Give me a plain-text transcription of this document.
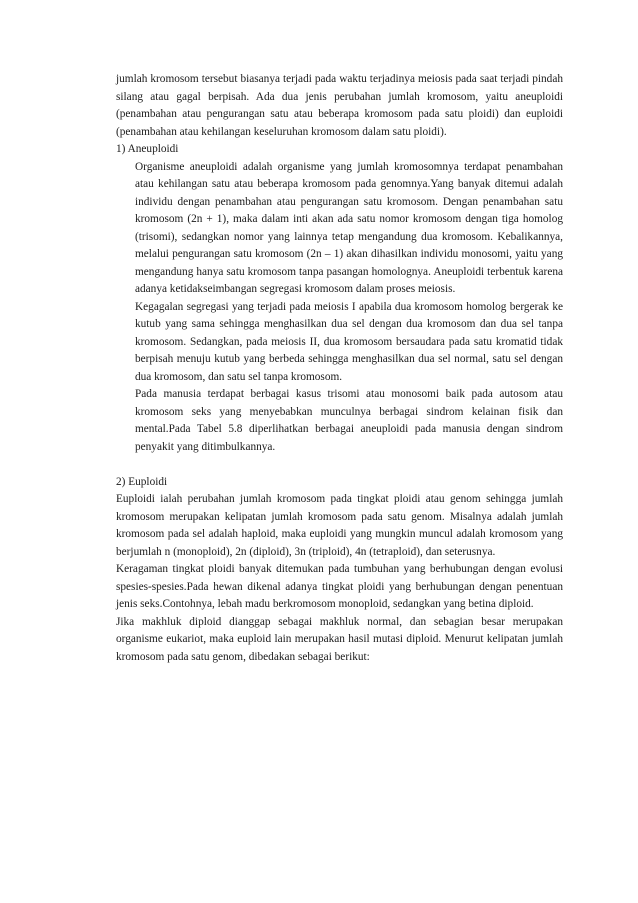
jumlah kromosom tersebut biasanya terjadi pada waktu terjadinya meiosis pada saat terjadi pindah silang atau gagal berpisah. Ada dua jenis perubahan jumlah kromosom, yaitu aneuploidi (penambahan atau pengurangan satu atau beberapa kromosom pada satu ploidi) dan euploidi (penambahan atau kehilangan keseluruhan kromosom dalam satu ploidi).

1) Aneuploidi

Organisme aneuploidi adalah organisme yang jumlah kromosomnya terdapat penambahan atau kehilangan satu atau beberapa kromosom pada genomnya.Yang banyak ditemui adalah individu dengan penambahan atau pengurangan satu kromosom. Dengan penambahan satu kromosom (2n + 1), maka dalam inti akan ada satu nomor kromosom dengan tiga homolog (trisomi), sedangkan nomor yang lainnya tetap mengandung dua kromosom. Kebalikannya, melalui pengurangan satu kromosom (2n – 1) akan dihasilkan individu monosomi, yaitu yang mengandung hanya satu kromosom tanpa pasangan homolognya. Aneuploidi terbentuk karena adanya ketidakseimbangan segregasi kromosom dalam proses meiosis.

Kegagalan segregasi yang terjadi pada meiosis I apabila dua kromosom homolog bergerak ke kutub yang sama sehingga menghasilkan dua sel dengan dua kromosom dan dua sel tanpa kromosom. Sedangkan, pada meiosis II, dua kromosom bersaudara pada satu kromatid tidak berpisah menuju kutub yang berbeda sehingga menghasilkan dua sel normal, satu sel dengan dua kromosom, dan satu sel tanpa kromosom.

Pada manusia terdapat berbagai kasus trisomi atau monosomi baik pada autosom atau kromosom seks yang menyebabkan munculnya berbagai sindrom kelainan fisik dan mental.Pada Tabel 5.8 diperlihatkan berbagai aneuploidi pada manusia dengan sindrom penyakit yang ditimbulkannya.

2) Euploidi

Euploidi ialah perubahan jumlah kromosom pada tingkat ploidi atau genom sehingga jumlah kromosom merupakan kelipatan jumlah kromosom pada satu genom. Misalnya adalah jumlah kromosom pada sel adalah haploid, maka euploidi yang mungkin muncul adalah kromosom yang berjumlah n (monoploid), 2n (diploid), 3n (triploid), 4n (tetraploid), dan seterusnya.

Keragaman tingkat ploidi banyak ditemukan pada tumbuhan yang berhubungan dengan evolusi spesies-spesies.Pada hewan dikenal adanya tingkat ploidi yang berhubungan dengan penentuan jenis seks.Contohnya, lebah madu berkromosom monoploid, sedangkan yang betina diploid.

Jika makhluk diploid dianggap sebagai makhluk normal, dan sebagian besar merupakan organisme eukariot, maka euploid lain merupakan hasil mutasi diploid. Menurut kelipatan jumlah kromosom pada satu genom, dibedakan sebagai berikut:
